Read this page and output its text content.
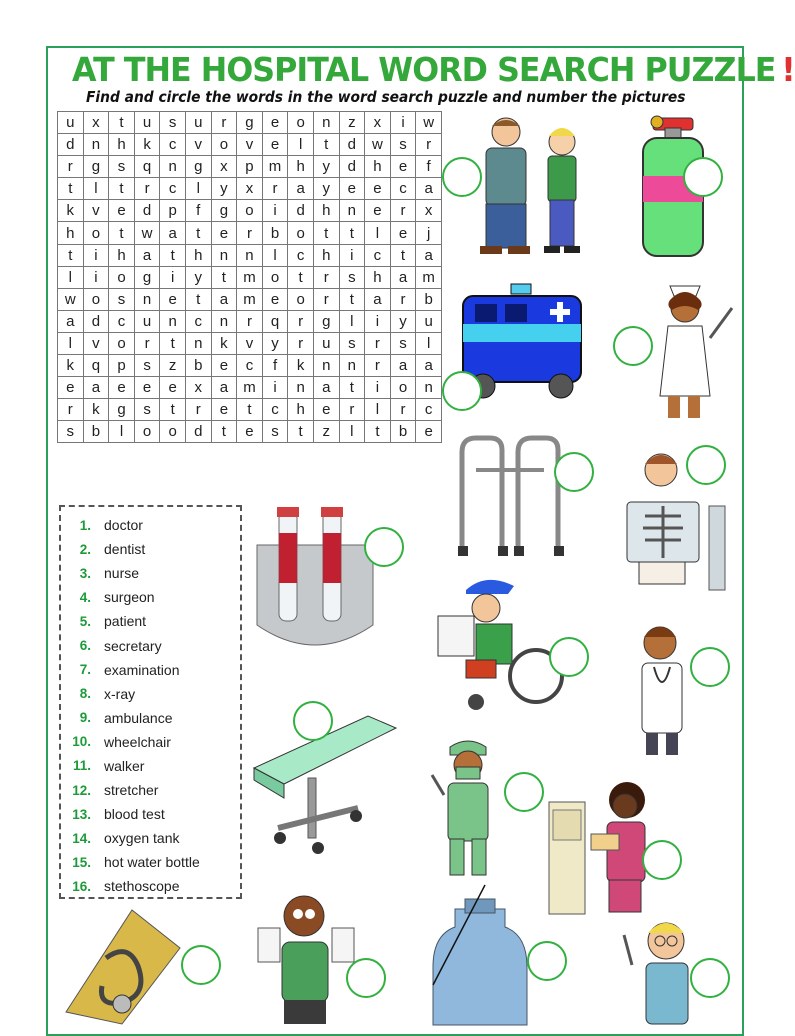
AT THE HOSPITAL WORD SEARCH PUZZLE !
Find and circle the words in the word search puzzle and number the pictures
u	x	t	u	s	u	r	g	e	o	n	z	x	i	w
d	n	h	k	c	v	o	v	e	l	t	d	w	s	r
r	g	s	q	n	g	x	p	m	h	y	d	h	e	f
t	l	t	r	c	l	y	x	r	a	y	e	e	c	a
k	v	e	d	p	f	g	o	i	d	h	n	e	r	x
h	o	t	w	a	t	e	r	b	o	t	t	l	e	j
t	i	h	a	t	h	n	n	l	c	h	i	c	t	a
l	i	o	g	i	y	t	m	o	t	r	s	h	a	m
w	o	s	n	e	t	a	m	e	o	r	t	a	r	b
a	d	c	u	n	c	n	r	q	r	g	l	i	y	u
l	v	o	r	t	n	k	v	y	r	u	s	r	s	l
k	q	p	s	z	b	e	c	f	k	n	n	r	a	a
e	a	e	e	e	x	a	m	i	n	a	t	i	o	n
r	k	g	s	t	r	e	t	c	h	e	r	l	r	c
s	b	l	o	o	d	t	e	s	t	z	l	t	b	e
1. doctor
2. dentist
3. nurse
4. surgeon
5. patient
6. secretary
7. examination
8. x-ray
9. ambulance
10. wheelchair
11. walker
12. stretcher
13. blood test
14. oxygen tank
15. hot water bottle
16. stethoscope
